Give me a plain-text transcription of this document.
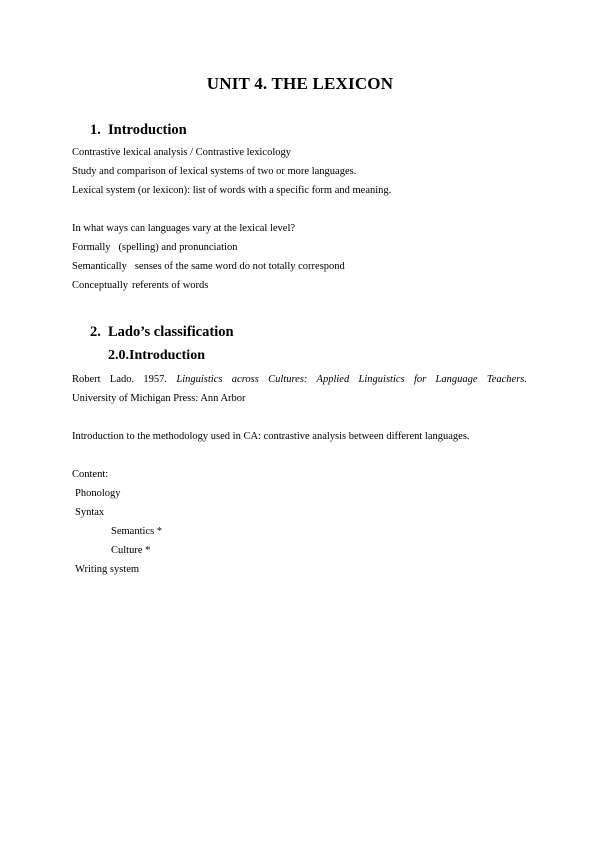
UNIT 4. THE LEXICON
1. Introduction
Contrastive lexical analysis / Contrastive lexicology
Study and comparison of lexical systems of two or more languages.
Lexical system (or lexicon): list of words with a specific form and meaning.
In what ways can languages vary at the lexical level?
Formally (spelling) and pronunciation
Semantically senses of the same word do not totally correspond
Conceptually referents of words
2. Lado’s classification
2.0.Introduction
Robert Lado. 1957. Linguistics across Cultures: Applied Linguistics for Language Teachers.
University of Michigan Press: Ann Arbor
Introduction to the methodology used in CA: contrastive analysis between different languages.
Content:
Phonology
Syntax
Semantics *
Culture *
Writing system
